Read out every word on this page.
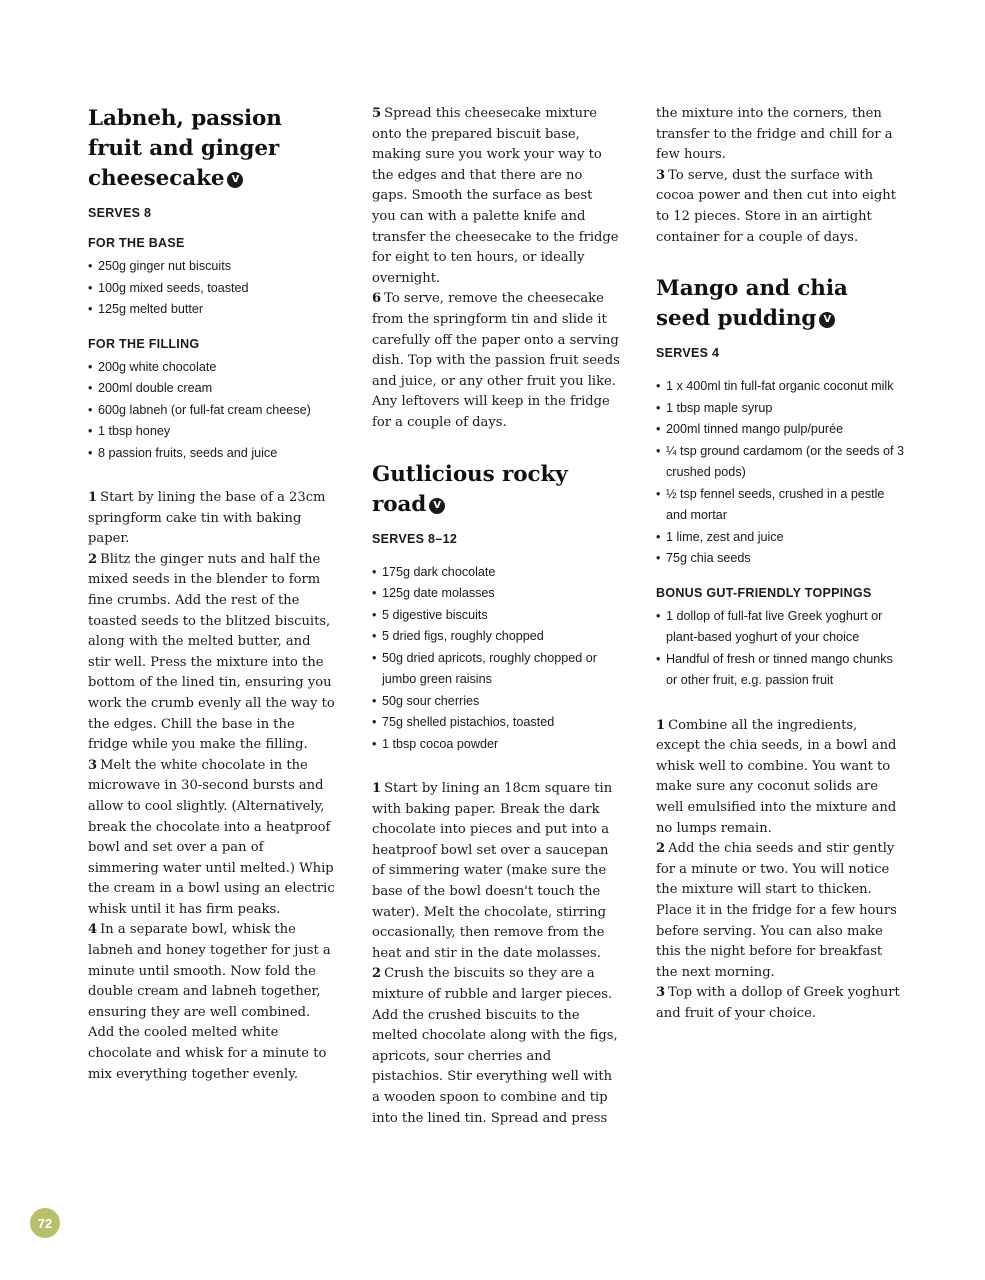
Labneh, passion fruit and ginger cheesecake V
SERVES 8
FOR THE BASE
• 250g ginger nut biscuits
• 100g mixed seeds, toasted
• 125g melted butter
FOR THE FILLING
• 200g white chocolate
• 200ml double cream
• 600g labneh (or full-fat cream cheese)
• 1 tbsp honey
• 8 passion fruits, seeds and juice

1 Start by lining the base of a 23cm springform cake tin with baking paper.

2 Blitz the ginger nuts and half the mixed seeds in the blender to form fine crumbs. Add the rest of the toasted seeds to the blitzed biscuits, along with the melted butter, and stir well. Press the mixture into the bottom of the lined tin, ensuring you work the crumb evenly all the way to the edges. Chill the base in the fridge while you make the filling.

3 Melt the white chocolate in the microwave in 30-second bursts and allow to cool slightly. (Alternatively, break the chocolate into a heatproof bowl and set over a pan of simmering water until melted.) Whip the cream in a bowl using an electric whisk until it has firm peaks.

4 In a separate bowl, whisk the labneh and honey together for just a minute until smooth. Now fold the double cream and labneh together, ensuring they are well combined. Add the cooled melted white chocolate and whisk for a minute to mix everything together evenly.

5 Spread this cheesecake mixture onto the prepared biscuit base, making sure you work your way to the edges and that there are no gaps. Smooth the surface as best you can with a palette knife and transfer the cheesecake to the fridge for eight to ten hours, or ideally overnight.

6 To serve, remove the cheesecake from the springform tin and slide it carefully off the paper onto a serving dish. Top with the passion fruit seeds and juice, or any other fruit you like. Any leftovers will keep in the fridge for a couple of days.

Gutlicious rocky road V
SERVES 8–12
• 175g dark chocolate
• 125g date molasses
• 5 digestive biscuits
• 5 dried figs, roughly chopped
• 50g dried apricots, roughly chopped or jumbo green raisins
• 50g sour cherries
• 75g shelled pistachios, toasted
• 1 tbsp cocoa powder

1 Start by lining an 18cm square tin with baking paper. Break the dark chocolate into pieces and put into a heatproof bowl set over a saucepan of simmering water (make sure the base of the bowl doesn't touch the water). Melt the chocolate, stirring occasionally, then remove from the heat and stir in the date molasses.

2 Crush the biscuits so they are a mixture of rubble and larger pieces. Add the crushed biscuits to the melted chocolate along with the figs, apricots, sour cherries and pistachios. Stir everything well with a wooden spoon to combine and tip into the lined tin. Spread and press

the mixture into the corners, then transfer to the fridge and chill for a few hours.

3 To serve, dust the surface with cocoa power and then cut into eight to 12 pieces. Store in an airtight container for a couple of days.

Mango and chia seed pudding V
SERVES 4
• 1 x 400ml tin full-fat organic coconut milk
• 1 tbsp maple syrup
• 200ml tinned mango pulp/purée
• ¼ tsp ground cardamom (or the seeds of 3 crushed pods)
• ½ tsp fennel seeds, crushed in a pestle and mortar
• 1 lime, zest and juice
• 75g chia seeds
BONUS GUT-FRIENDLY TOPPINGS
• 1 dollop of full-fat live Greek yoghurt or plant-based yoghurt of your choice
• Handful of fresh or tinned mango chunks or other fruit, e.g. passion fruit

1 Combine all the ingredients, except the chia seeds, in a bowl and whisk well to combine. You want to make sure any coconut solids are well emulsified into the mixture and no lumps remain.

2 Add the chia seeds and stir gently for a minute or two. You will notice the mixture will start to thicken. Place it in the fridge for a few hours before serving. You can also make this the night before for breakfast the next morning.

3 Top with a dollop of Greek yoghurt and fruit of your choice.

72
